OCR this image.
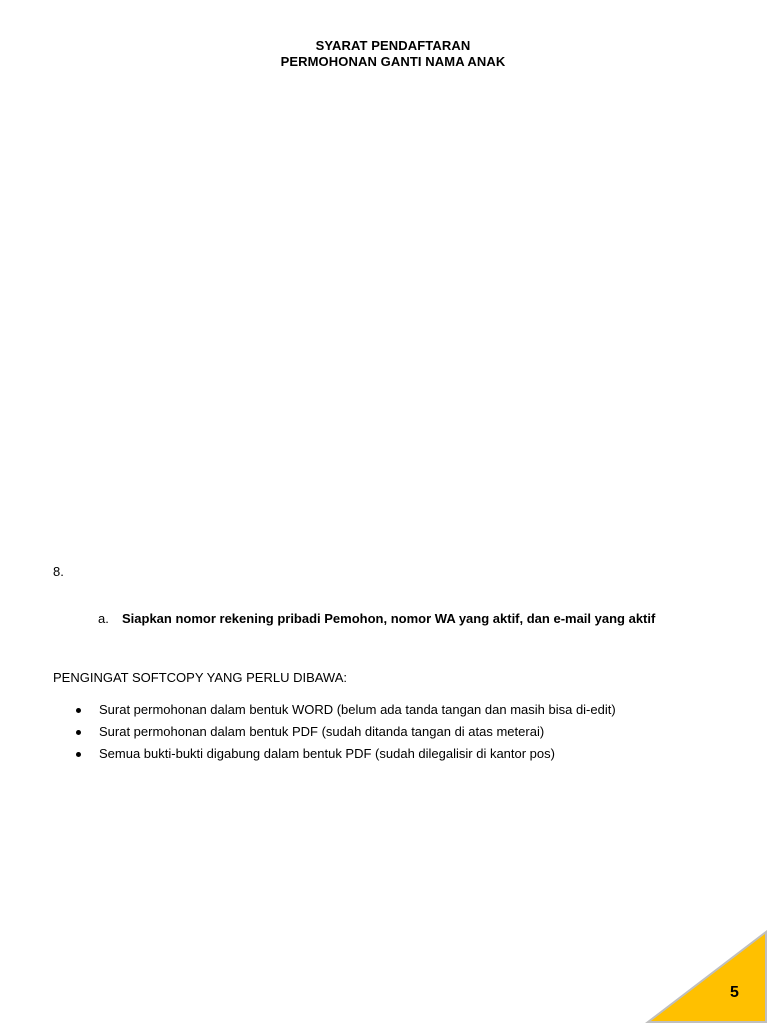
SYARAT PENDAFTARAN
PERMOHONAN GANTI NAMA ANAK
8.
a. Siapkan nomor rekening pribadi Pemohon, nomor WA yang aktif, dan e-mail yang aktif
PENGINGAT SOFTCOPY YANG PERLU DIBAWA:
Surat permohonan dalam bentuk WORD (belum ada tanda tangan dan masih bisa di-edit)
Surat permohonan dalam bentuk PDF (sudah ditanda tangan di atas meterai)
Semua bukti-bukti digabung dalam bentuk PDF (sudah dilegalisir di kantor pos)
5
